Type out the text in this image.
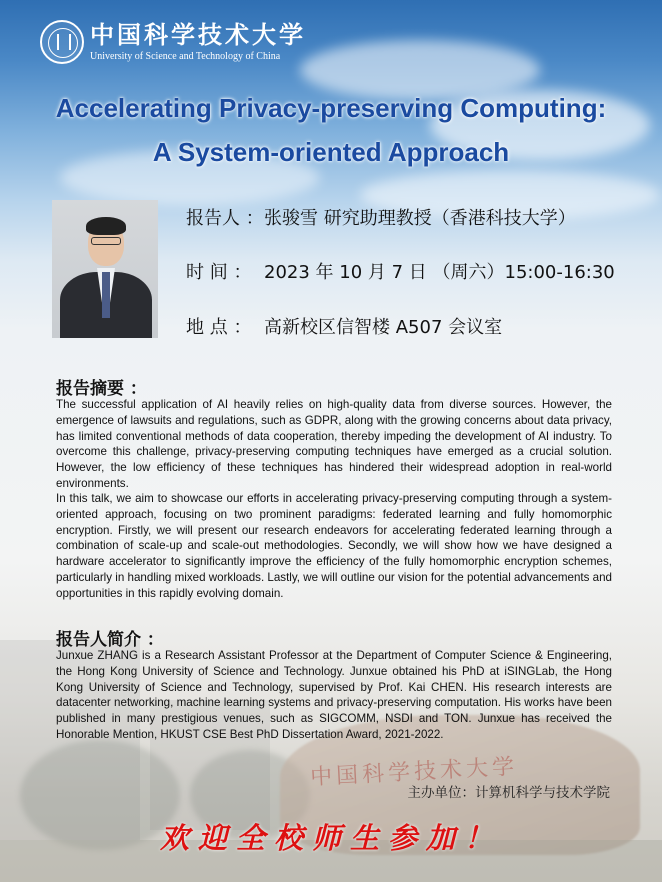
中国科学技术大学
中国科学技术大学
University of Science and Technology of China
Accelerating Privacy-preserving Computing:
A System-oriented Approach
报告人 ：张骏雪 研究助理教授（香港科技大学）
时 间 ： 2023 年 10 月 7 日 （周六）15:00-16:30
地 点 ： 高新校区信智楼 A507 会议室
报告摘要 ：
The successful application of AI heavily relies on high-quality data from diverse sources. However, the emergence of lawsuits and regulations, such as GDPR, along with the growing concerns about data privacy, has limited conventional methods of data cooperation, thereby impeding the development of AI industry. To overcome this challenge, privacy-preserving computing techniques have emerged as a crucial solution. However, the low efficiency of these techniques has hindered their widespread adoption in real-world environments.
In this talk, we aim to showcase our efforts in accelerating privacy-preserving computing through a system-oriented approach, focusing on two prominent paradigms: federated learning and fully homomorphic encryption. Firstly, we will present our research endeavors for accelerating federated learning through a combination of scale-up and scale-out methodologies. Secondly, we will show how we have designed a hardware accelerator to significantly improve the efficiency of the fully homomorphic encryption schemes, particularly in handling mixed workloads. Lastly, we will outline our vision for the potential advancements and opportunities in this rapidly evolving domain.
报告人简介 ：
Junxue ZHANG is a Research Assistant Professor at the Department of Computer Science & Engineering, the Hong Kong University of Science and Technology. Junxue obtained his PhD at iSINGLab, the Hong Kong University of Science and Technology, supervised by Prof. Kai CHEN. His research interests are datacenter networking, machine learning systems and privacy-preserving computation. His works have been published in many prestigious venues, such as SIGCOMM, NSDI and TON. Junxue has received the Honorable Mention, HKUST CSE Best PhD Dissertation Award, 2021-2022.
主办单位：计算机科学与技术学院
欢迎全校师生参加！
